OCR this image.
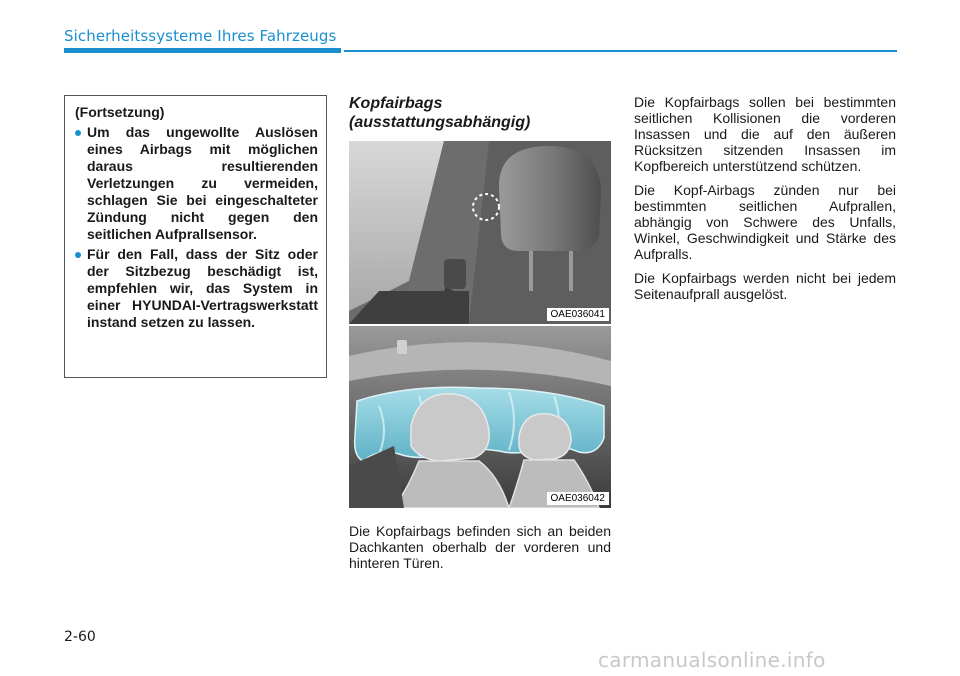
Sicherheitssysteme Ihres Fahrzeugs
(Fortsetzung)
Um das ungewollte Auslösen eines Airbags mit möglichen daraus resultierenden Verletzungen zu vermeiden, schlagen Sie bei eingeschalteter Zündung nicht gegen den seitlichen Aufprallsensor.
Für den Fall, dass der Sitz oder der Sitzbezug beschädigt ist, empfehlen wir, das System in einer HYUNDAI-Vertragswerkstatt instand setzen zu lassen.
Kopfairbags (ausstattungsabhängig)
OAE036041
OAE036042
Die Kopfairbags befinden sich an beiden Dachkanten oberhalb der vorderen und hinteren Türen.

Die Kopfairbags sollen bei bestimmten seitlichen Kollisionen die vorderen Insassen und die auf den äußeren Rücksitzen sitzenden Insassen im Kopfbereich unterstützend schützen.

Die Kopf-Airbags zünden nur bei bestimmten seitlichen Aufprallen, abhängig von Schwere des Unfalls, Winkel, Geschwindigkeit und Stärke des Aufpralls.

Die Kopfairbags werden nicht bei jedem Seitenaufprall ausgelöst.

2-60
carmanualsonline.info
